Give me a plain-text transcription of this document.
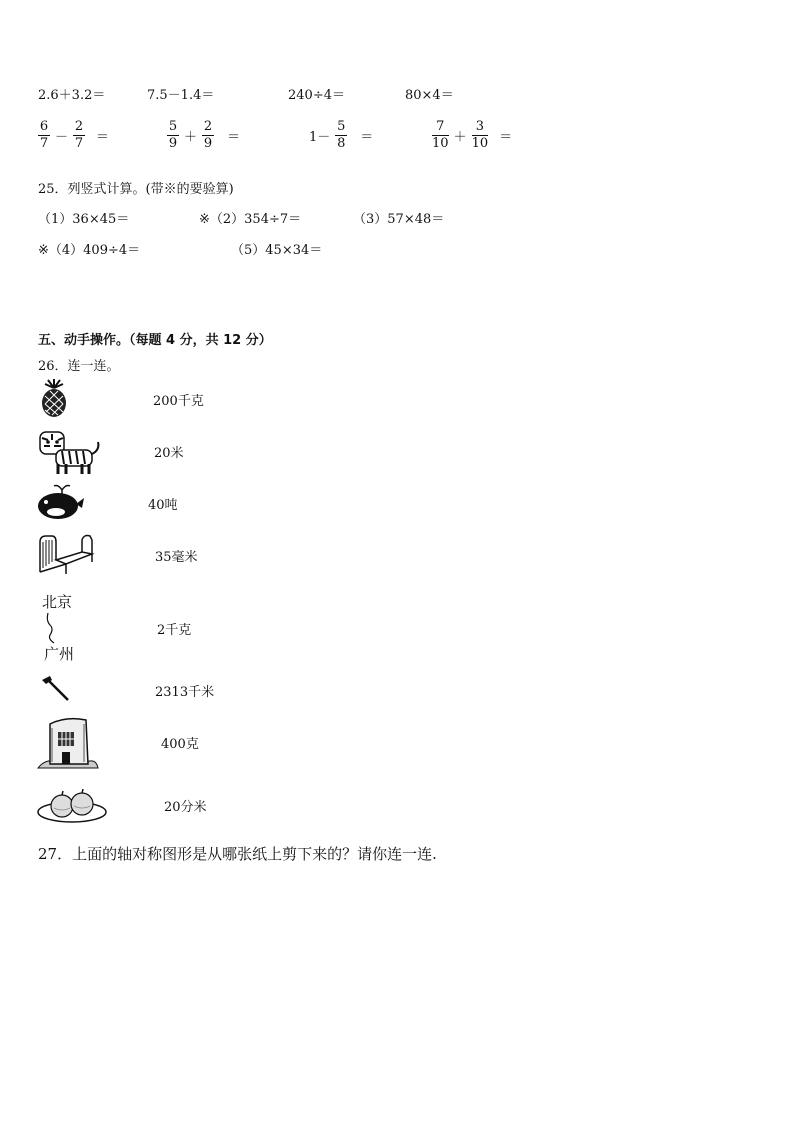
2.6＋3.2＝	7.5－1.4＝	240÷4＝	80×4＝
$\frac{6}{7} - \frac{2}{7}$ ＝	$\frac{5}{9} + \frac{2}{9}$ ＝	$1- \frac{5}{8}$ ＝	$\frac{7}{10} + \frac{3}{10}$ ＝
25．列竖式计算。(带※的要验算)
（1）36×45＝	※（2）354÷7＝	（3）57×48＝
※（4）409÷4＝	（5）45×34＝
五、动手操作。（每题 4 分，共 12 分）
26．连一连。
北京
广州
200千克
20米
40吨
35毫米
2千克
2313千米
400克
20分米
27．上面的轴对称图形是从哪张纸上剪下来的？请你连一连.
